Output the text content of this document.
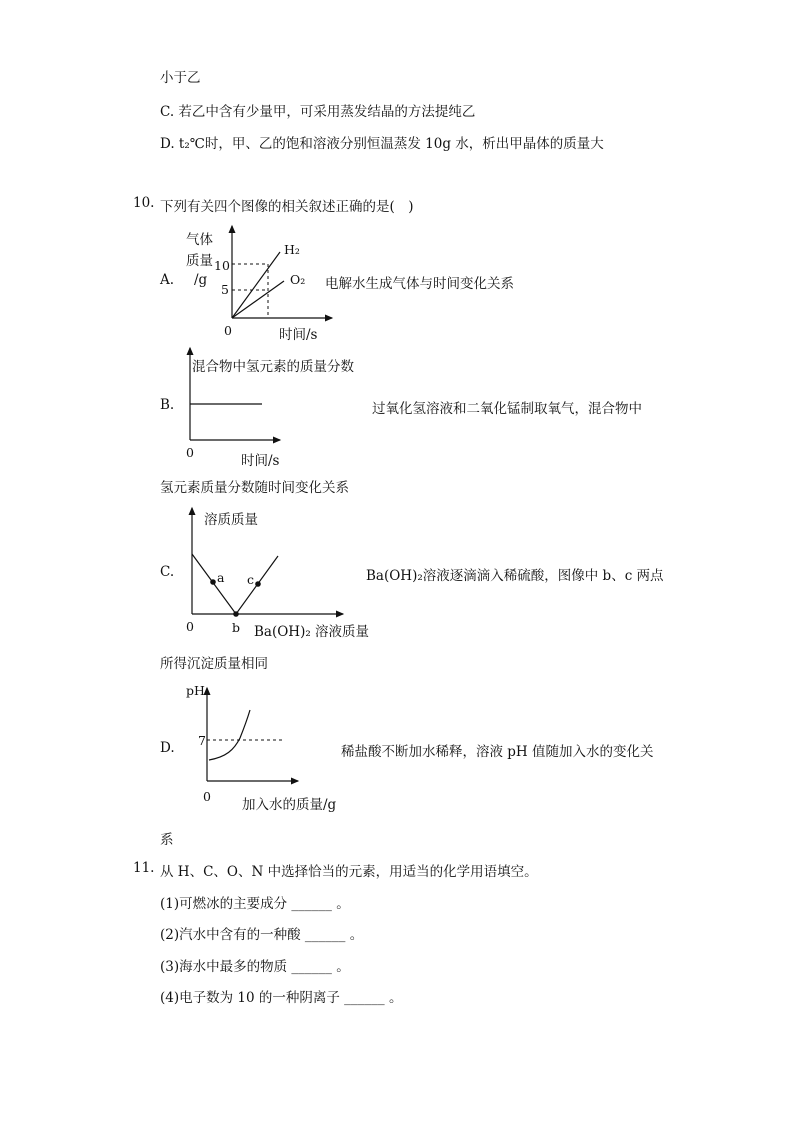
小于乙
C. 若乙中含有少量甲，可采用蒸发结晶的方法提纯乙
D. t₂℃时，甲、乙的饱和溶液分别恒温蒸发 10g 水，析出甲晶体的质量大
10. 下列有关四个图像的相关叙述正确的是(　)
A.
气体
质量
/g
10
5
0	时间/s
H₂
O₂ 电解水生成气体与时间变化关系
B.
混合物中氢元素的质量分数
0
时间/s
过氧化氢溶液和二氧化锰制取氧气，混合物中
氢元素质量分数随时间变化关系
C.
溶质质量
a c
0	b Ba(OH)₂ 溶液质量
Ba(OH)₂溶液逐滴滴入稀硫酸，图像中 b、c 两点
所得沉淀质量相同
D.
pH
7
0
加入水的质量/g
稀盐酸不断加水稀释，溶液 pH 值随加入水的变化关
系
11. 从 H、C、O、N 中选择恰当的元素，用适当的化学用语填空。
(1)可燃冰的主要成分 ______ 。
(2)汽水中含有的一种酸 ______ 。
(3)海水中最多的物质 ______ 。
(4)电子数为 10 的一种阴离子 ______ 。
